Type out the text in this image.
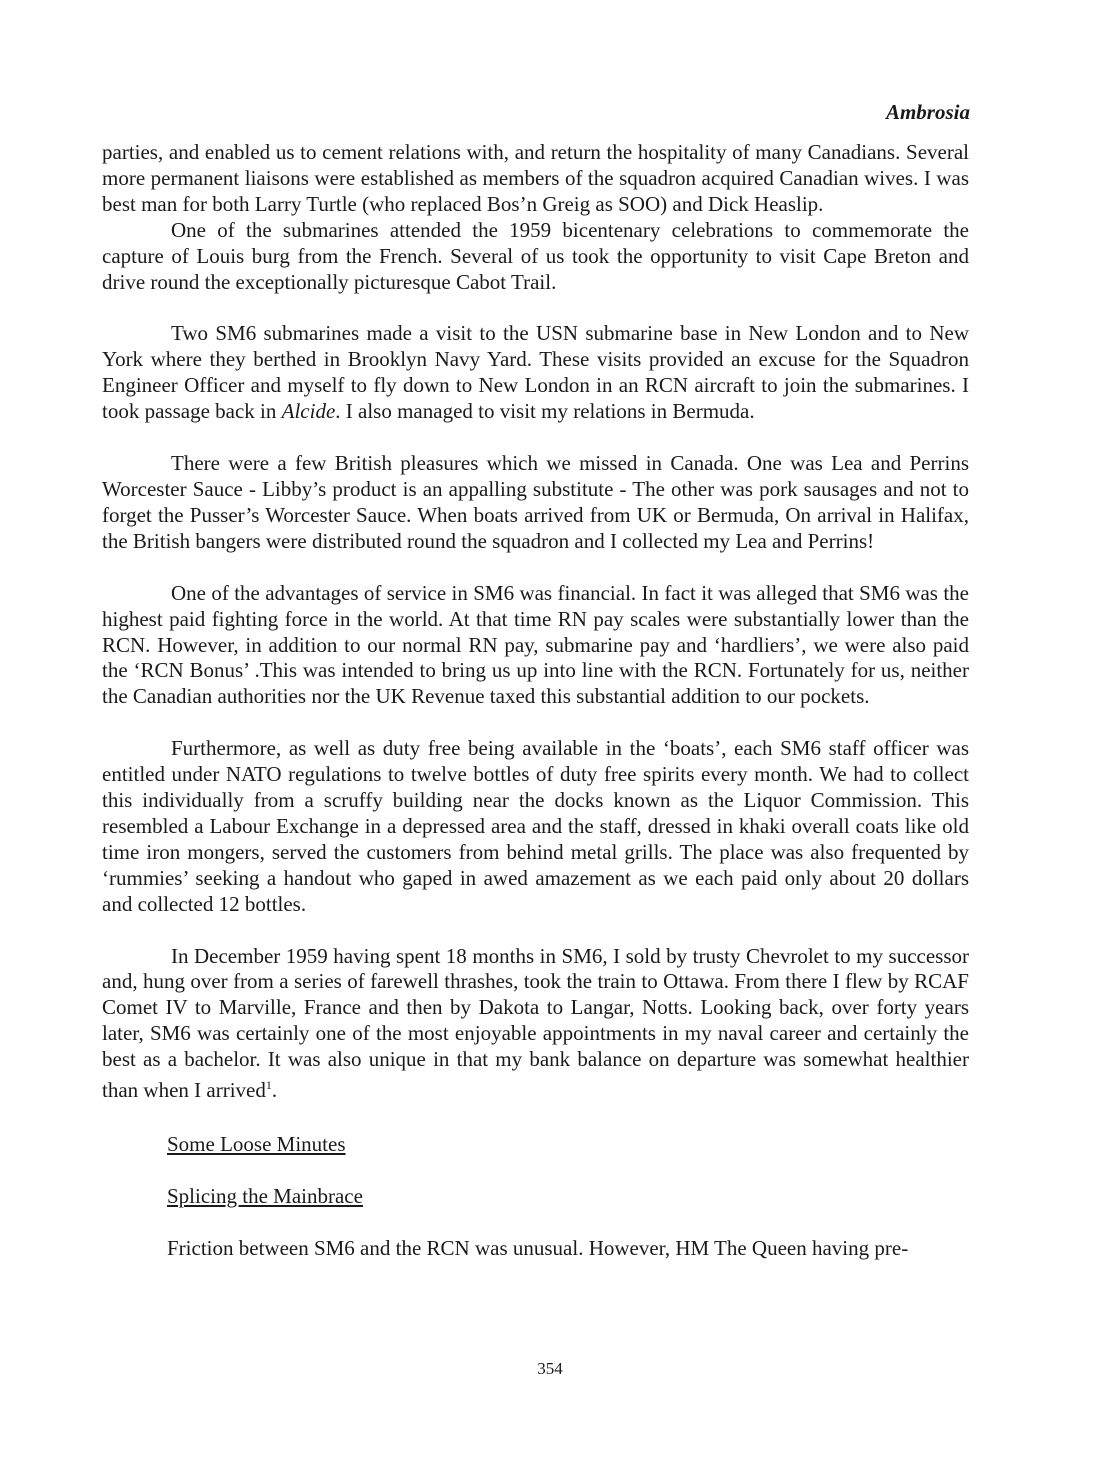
Ambrosia

parties, and enabled us to cement relations with, and return the hospitality of many Canadians. Several more permanent liaisons were established as members of the squadron acquired Canadian wives. I was best man for both Larry Turtle (who replaced Bos’n Greig as SOO) and Dick Heaslip.

One of the submarines attended the 1959 bicentenary celebrations to commemorate the capture of Louis burg from the French. Several of us took the opportunity to visit Cape Breton and drive round the exceptionally picturesque Cabot Trail.

Two SM6 submarines made a visit to the USN submarine base in New London and to New York where they berthed in Brooklyn Navy Yard. These visits provided an excuse for the Squadron Engineer Officer and myself to fly down to New London in an RCN aircraft to join the submarines. I took passage back in Alcide. I also managed to visit my relations in Bermuda.

There were a few British pleasures which we missed in Canada. One was Lea and Perrins Worcester Sauce - Libby’s product is an appalling substitute - The other was pork sausages and not to forget the Pusser’s Worcester Sauce. When boats arrived from UK or Bermuda, On arrival in Halifax, the British bangers were distributed round the squadron and I collected my Lea and Perrins!

One of the advantages of service in SM6 was financial. In fact it was alleged that SM6 was the highest paid fighting force in the world. At that time RN pay scales were substantially lower than the RCN. However, in addition to our normal RN pay, submarine pay and ‘hardliers’, we were also paid the ‘RCN Bonus’ .This was intended to bring us up into line with the RCN. Fortunately for us, neither the Canadian authorities nor the UK Revenue taxed this substantial addition to our pockets.

Furthermore, as well as duty free being available in the ‘boats’, each SM6 staff officer was entitled under NATO regulations to twelve bottles of duty free spirits every month. We had to collect this individually from a scruffy building near the docks known as the Liquor Commission. This resembled a Labour Exchange in a depressed area and the staff, dressed in khaki overall coats like old time iron mongers, served the customers from behind metal grills. The place was also frequented by ‘rummies’ seeking a handout who gaped in awed amazement as we each paid only about 20 dollars and collected 12 bottles.

In December 1959 having spent 18 months in SM6, I sold by trusty Chevrolet to my successor and, hung over from a series of farewell thrashes, took the train to Ottawa. From there I flew by RCAF Comet IV to Marville, France and then by Dakota to Langar, Notts. Looking back, over forty years later, SM6 was certainly one of the most enjoyable appointments in my naval career and certainly the best as a bachelor. It was also unique in that my bank balance on departure was somewhat healthier than when I arrived$^1$.

Some Loose Minutes

Splicing the Mainbrace

Friction between SM6 and the RCN was unusual. However, HM The Queen having pre-

354
